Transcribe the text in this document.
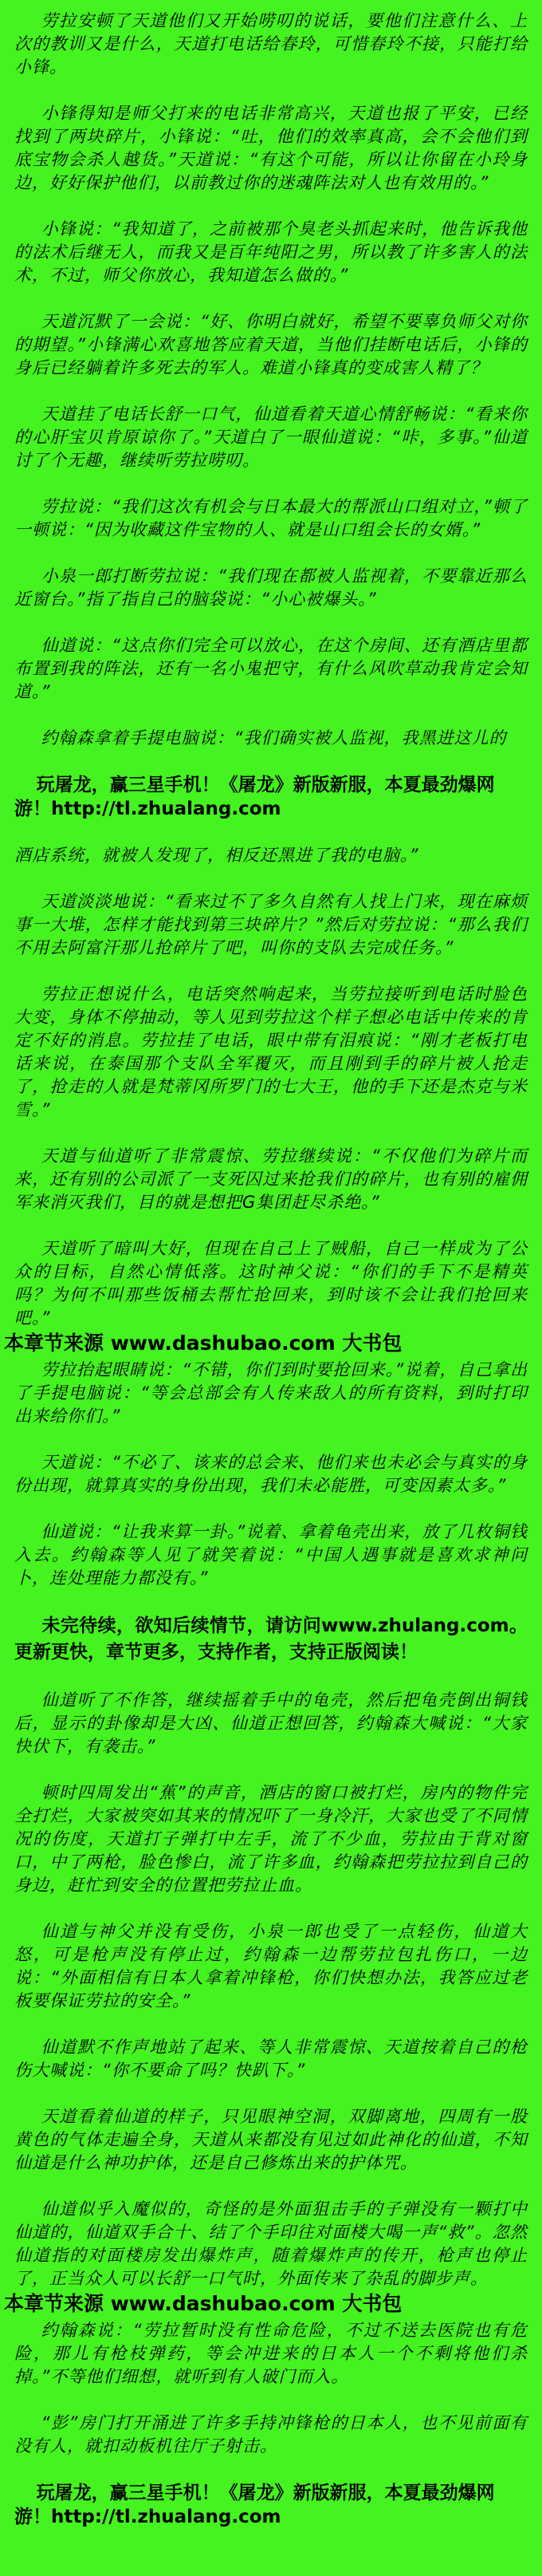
劳拉安顿了天道他们又开始唠叨的说话，要他们注意什么、上次的教训又是什么，天道打电话给春玲，可惜春玲不接，只能打给小锋。

小锋得知是师父打来的电话非常高兴，天道也报了平安，已经找到了两块碎片，小锋说：“吐，他们的效率真高，会不会他们到底宝物会杀人越货。”天道说：“有这个可能，所以让你留在小玲身边，好好保护他们，以前教过你的迷魂阵法对人也有效用的。”

小锋说：“我知道了，之前被那个臭老头抓起来时，他告诉我他的法术后继无人，而我又是百年纯阳之男，所以教了许多害人的法术，不过，师父你放心，我知道怎么做的。”

天道沉默了一会说：“好、你明白就好，希望不要辜负师父对你的期望。”小锋满心欢喜地答应着天道，当他们挂断电话后，小锋的身后已经躺着许多死去的军人。难道小锋真的变成害人精了？

天道挂了电话长舒一口气，仙道看着天道心情舒畅说：“看来你的心肝宝贝肯原谅你了。”天道白了一眼仙道说：“咔，多事。”仙道讨了个无趣，继续听劳拉唠叨。

劳拉说：“我们这次有机会与日本最大的帮派山口组对立，”顿了一顿说：“因为收藏这件宝物的人、就是山口组会长的女婿。”

小泉一郎打断劳拉说：“我们现在都被人监视着，不要靠近那么近窗台。”指了指自己的脑袋说：“小心被爆头。”

仙道说：“这点你们完全可以放心，在这个房间、还有酒店里都布置到我的阵法，还有一名小鬼把守，有什么风吹草动我肯定会知道。”

约翰森拿着手提电脑说：“我们确实被人监视，我黑进这儿的

玩屠龙，赢三星手机！《屠龙》新版新服，本夏最劲爆网游！http://tl.zhualang.com

酒店系统，就被人发现了，相反还黑进了我的电脑。”

天道淡淡地说：“看来过不了多久自然有人找上门来，现在麻烦事一大堆，怎样才能找到第三块碎片？”然后对劳拉说：“那么我们不用去阿富汗那儿抢碎片了吧，叫你的支队去完成任务。”

劳拉正想说什么，电话突然响起来，当劳拉接听到电话时脸色大变，身体不停抽动，等人见到劳拉这个样子想必电话中传来的肯定不好的消息。劳拉挂了电话，眼中带有泪痕说：“刚才老板打电话来说，在泰国那个支队全军覆灭，而且刚到手的碎片被人抢走了，抢走的人就是梵蒂冈所罗门的七大王，他的手下还是杰克与米雪。”

天道与仙道听了非常震惊、劳拉继续说：“不仅他们为碎片而来，还有别的公司派了一支死囚过来抢我们的碎片，也有别的雇佣军来消灭我们，目的就是想把G集团赶尽杀绝。”

天道听了暗叫大好，但现在自己上了贼船，自己一样成为了公众的目标，自然心情低落。这时神父说：“你们的手下不是精英吗？为何不叫那些饭桶去帮忙抢回来，到时该不会让我们抢回来吧。”

本章节来源 www.dashubao.com 大书包

劳拉抬起眼睛说：“不错，你们到时要抢回来。”说着，自己拿出了手提电脑说：“等会总部会有人传来敌人的所有资料，到时打印出来给你们。”

天道说：“不必了、该来的总会来、他们来也未必会与真实的身份出现，就算真实的身份出现，我们未必能胜，可变因素太多。”

仙道说：“让我来算一卦。”说着、拿着龟壳出来，放了几枚铜钱入去。约翰森等人见了就笑着说：“中国人遇事就是喜欢求神问卜，连处理能力都没有。”

未完待续，欲知后续情节，请访问www.zhulang.com。更新更快，章节更多，支持作者，支持正版阅读！

仙道听了不作答，继续摇着手中的龟壳，然后把龟壳倒出铜钱后，显示的卦像却是大凶、仙道正想回答，约翰森大喊说：“大家快伏下，有袭击。”

顿时四周发出“蕉”的声音，酒店的窗口被打烂，房内的物件完全打烂，大家被突如其来的情况吓了一身冷汗，大家也受了不同情况的伤度，天道打子弹打中左手，流了不少血，劳拉由于背对窗口，中了两枪，脸色惨白，流了许多血，约翰森把劳拉拉到自己的身边，赶忙到安全的位置把劳拉止血。

仙道与神父并没有受伤，小泉一郎也受了一点轻伤，仙道大怒，可是枪声没有停止过，约翰森一边帮劳拉包扎伤口，一边说：“外面相信有日本人拿着冲锋枪，你们快想办法，我答应过老板要保证劳拉的安全。”

仙道默不作声地站了起来、等人非常震惊、天道按着自己的枪伤大喊说：“你不要命了吗？快趴下。”

天道看着仙道的样子，只见眼神空洞，双脚离地，四周有一股黄色的气体走遍全身，天道从来都没有见过如此神化的仙道，不知仙道是什么神功护体，还是自己修炼出来的护体咒。

仙道似乎入魔似的，奇怪的是外面狙击手的子弹没有一颗打中仙道的，仙道双手合十、结了个手印往对面楼大喝一声“救”。忽然仙道指的对面楼房发出爆炸声，随着爆炸声的传开，枪声也停止了，正当众人可以长舒一口气时，外面传来了杂乱的脚步声。

本章节来源 www.dashubao.com 大书包

约翰森说：“劳拉暂时没有性命危险，不过不送去医院也有危险，那儿有枪枝弹药，等会冲进来的日本人一个不剩将他们杀掉。”不等他们细想，就听到有人破门而入。

“彭”房门打开涌进了许多手持冲锋枪的日本人，也不见前面有没有人，就扣动板机往厅子射击。

玩屠龙，赢三星手机！《屠龙》新版新服，本夏最劲爆网游！http://tl.zhualang.com
